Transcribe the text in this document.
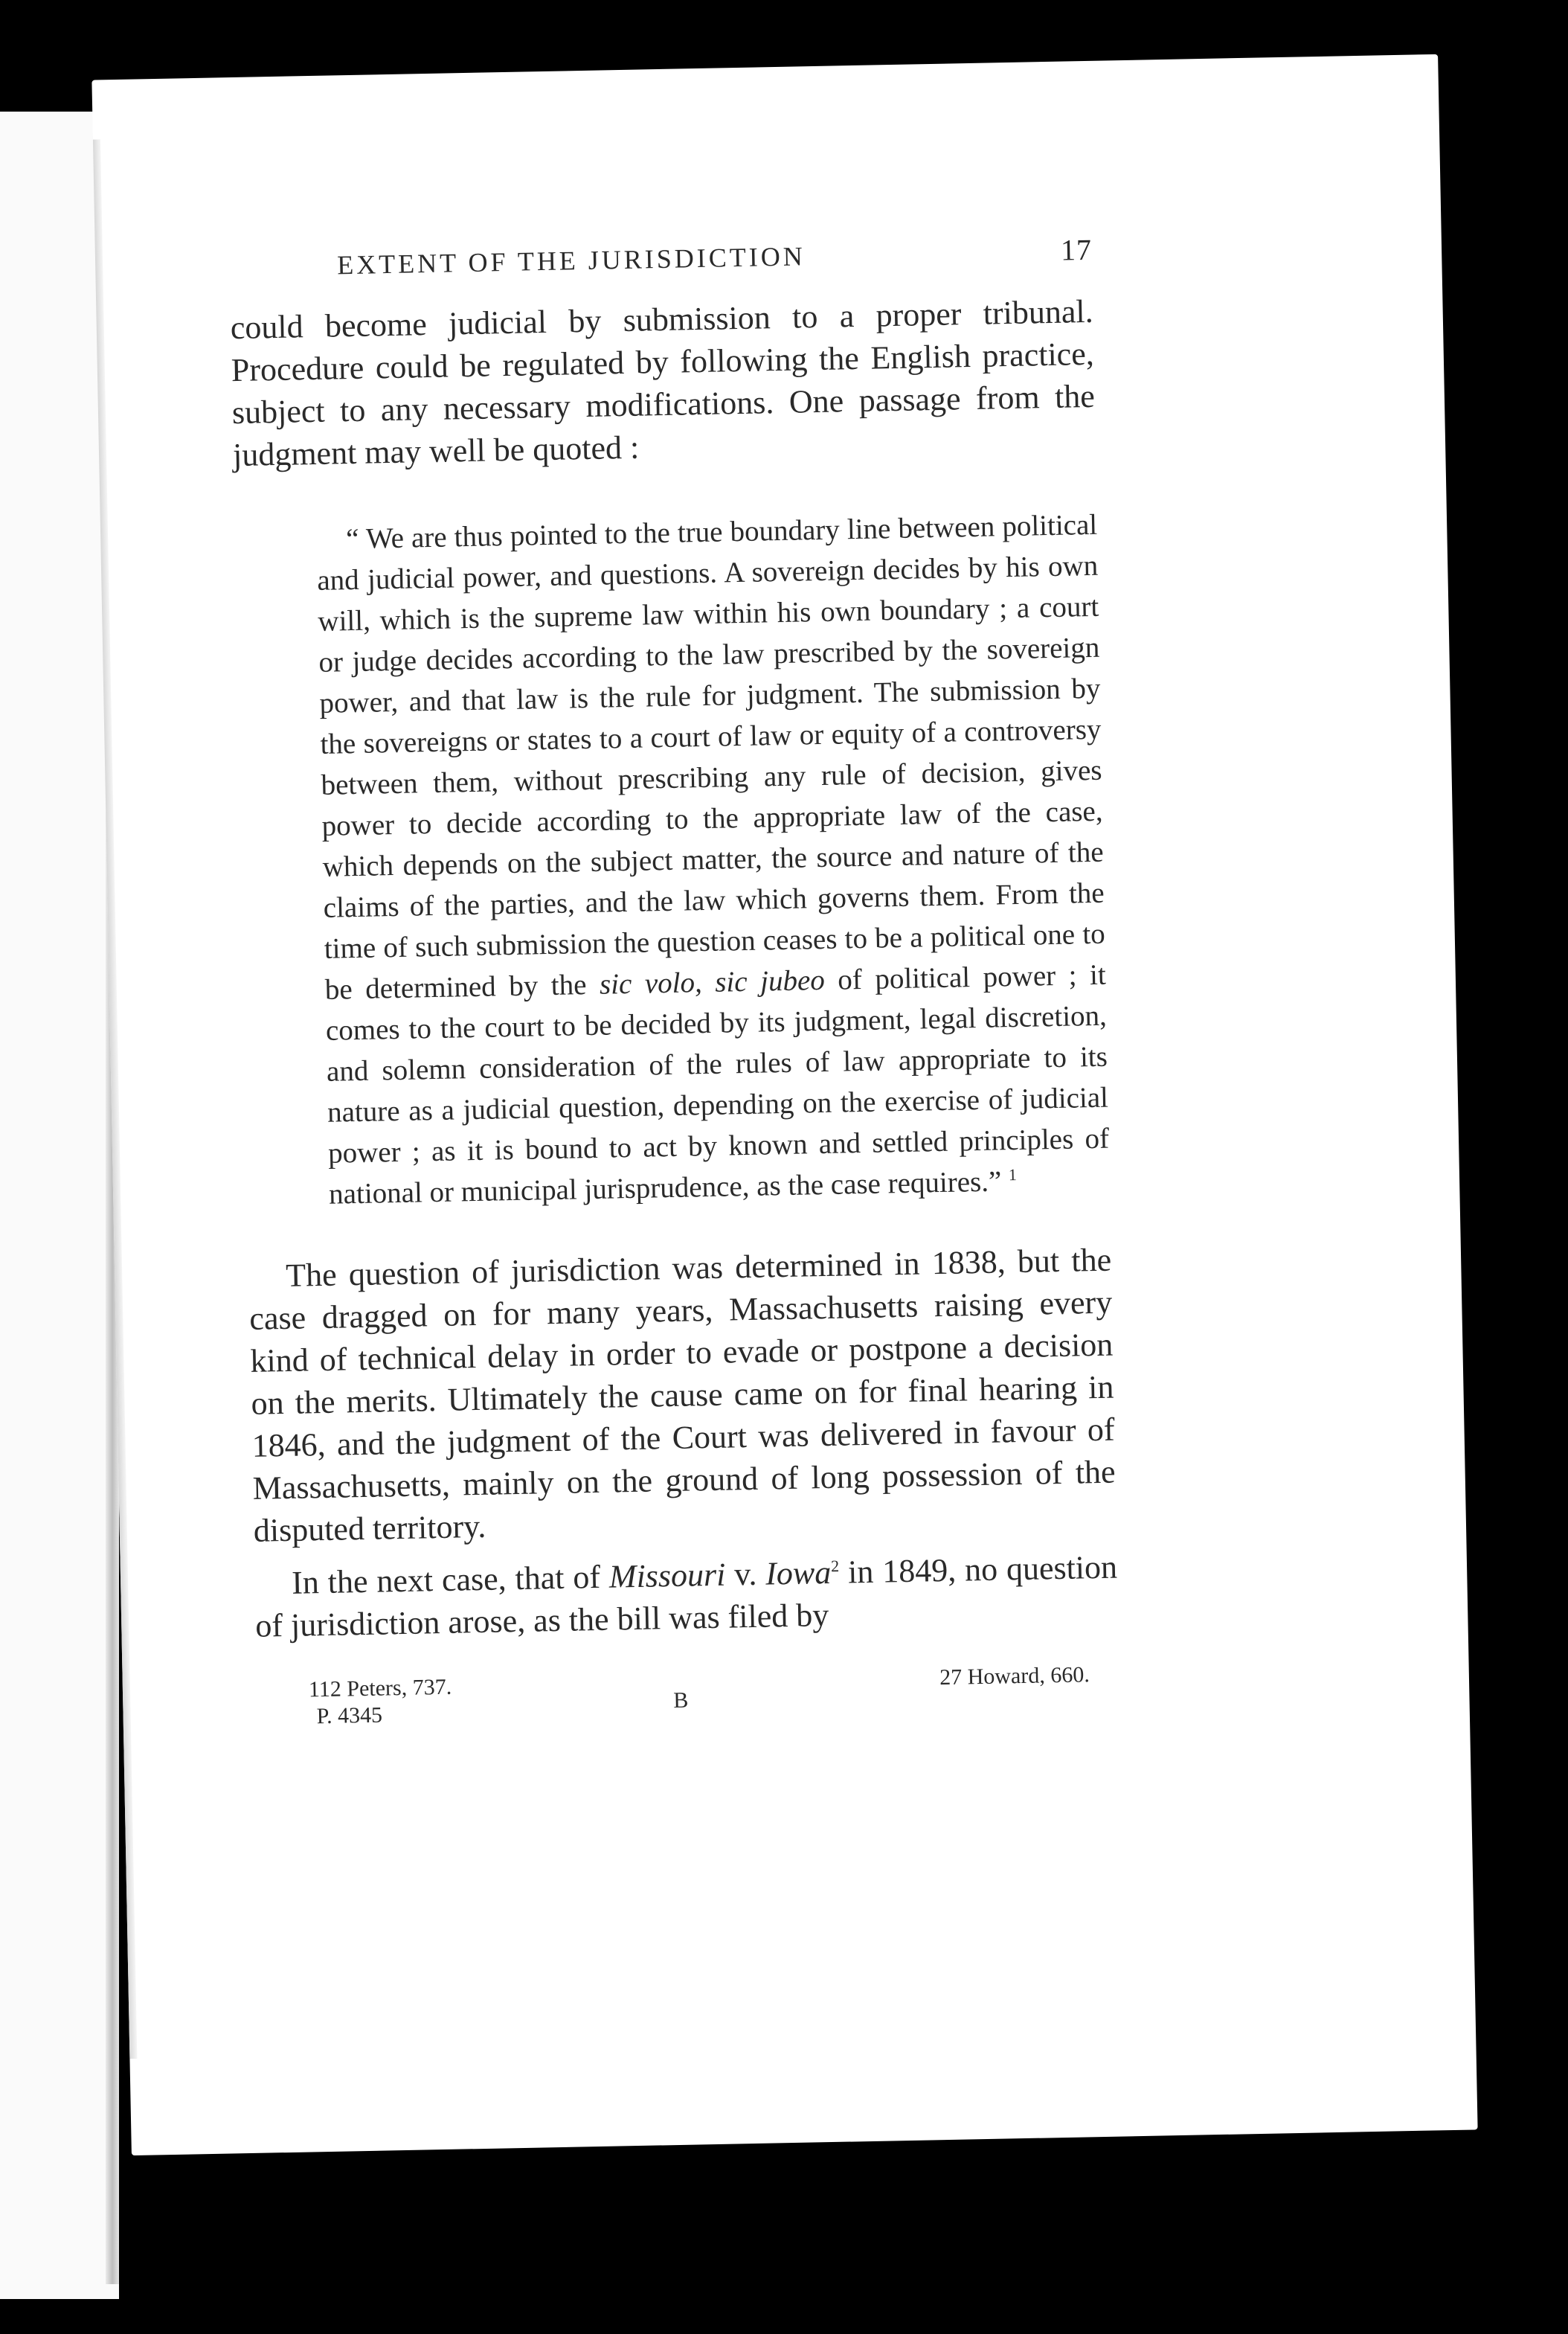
EXTENT OF THE JURISDICTION	17

could become judicial by submission to a proper tribunal. Procedure could be regulated by following the English practice, subject to any necessary modifications. One passage from the judgment may well be quoted :

“ We are thus pointed to the true boundary line between political and judicial power, and questions. A sovereign decides by his own will, which is the supreme law within his own boundary ; a court or judge decides according to the law prescribed by the sovereign power, and that law is the rule for judgment. The submission by the sovereigns or states to a court of law or equity of a controversy between them, without prescribing any rule of decision, gives power to decide according to the appropriate law of the case, which depends on the subject matter, the source and nature of the claims of the parties, and the law which governs them. From the time of such submission the question ceases to be a political one to be determined by the sic volo, sic jubeo of political power ; it comes to the court to be decided by its judgment, legal discretion, and solemn consideration of the rules of law appropriate to its nature as a judicial question, depending on the exercise of judicial power ; as it is bound to act by known and settled principles of national or municipal jurisprudence, as the case requires.” $^1$

The question of jurisdiction was determined in 1838, but the case dragged on for many years, Massachusetts raising every kind of technical delay in order to evade or postpone a decision on the merits. Ultimately the cause came on for final hearing in 1846, and the judgment of the Court was delivered in favour of Massachusetts, mainly on the ground of long possession of the disputed territory.

In the next case, that of Missouri v. Iowa$^2$ in 1849, no question of jurisdiction arose, as the bill was filed by

112 Peters, 737.
P. 4345
B
27 Howard, 660.
